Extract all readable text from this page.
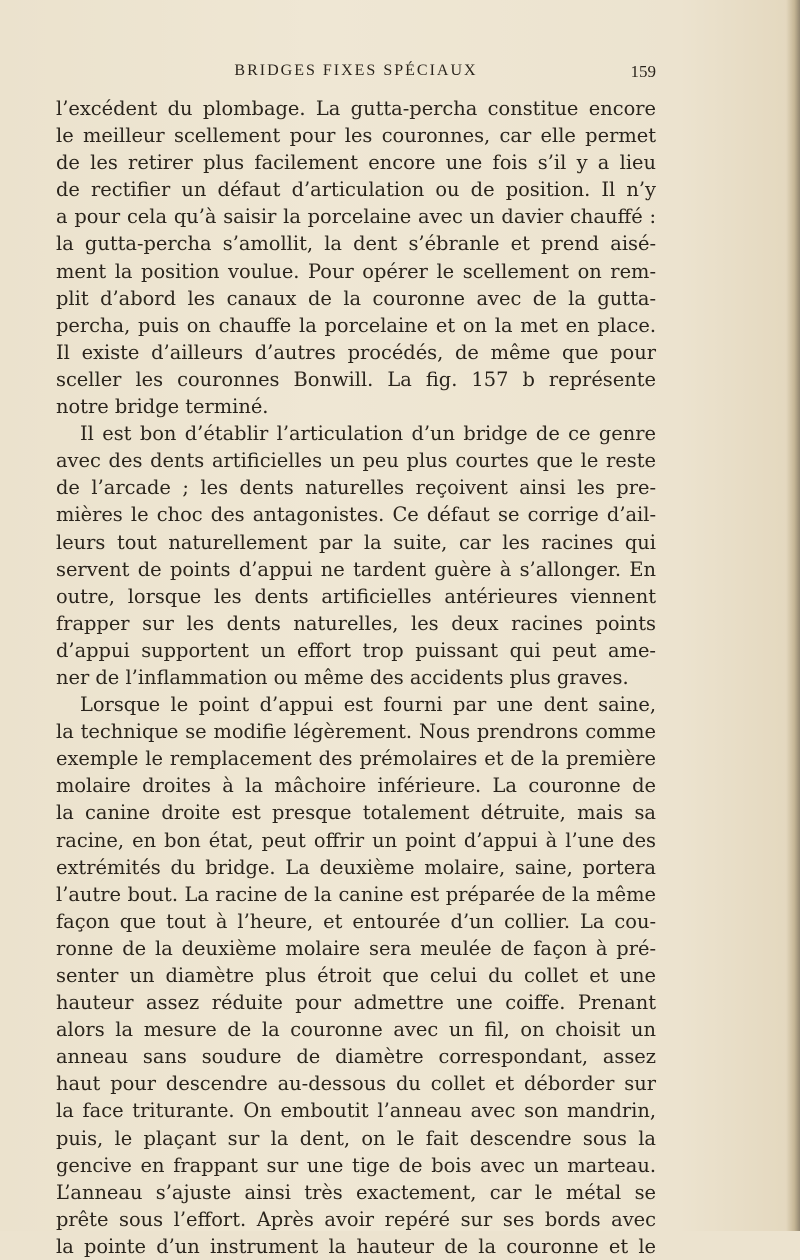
BRIDGES FIXES SPÉCIAUX	159
l’excédent du plombage. La gutta-percha constitue encore
le meilleur scellement pour les couronnes, car elle permet
de les retirer plus facilement encore une fois s’il y a lieu
de rectifier un défaut d’articulation ou de position. Il n’y
a pour cela qu’à saisir la porcelaine avec un davier chauffé :
la gutta-percha s’amollit, la dent s’ébranle et prend aisé-
ment la position voulue. Pour opérer le scellement on rem-
plit d’abord les canaux de la couronne avec de la gutta-
percha, puis on chauffe la porcelaine et on la met en place.
Il existe d’ailleurs d’autres procédés, de même que pour
sceller les couronnes Bonwill. La fig. 157 b représente
notre bridge terminé.
Il est bon d’établir l’articulation d’un bridge de ce genre
avec des dents artificielles un peu plus courtes que le reste
de l’arcade ; les dents naturelles reçoivent ainsi les pre-
mières le choc des antagonistes. Ce défaut se corrige d’ail-
leurs tout naturellement par la suite, car les racines qui
servent de points d’appui ne tardent guère à s’allonger. En
outre, lorsque les dents artificielles antérieures viennent
frapper sur les dents naturelles, les deux racines points
d’appui supportent un effort trop puissant qui peut ame-
ner de l’inflammation ou même des accidents plus graves.
Lorsque le point d’appui est fourni par une dent saine,
la technique se modifie légèrement. Nous prendrons comme
exemple le remplacement des prémolaires et de la première
molaire droites à la mâchoire inférieure. La couronne de
la canine droite est presque totalement détruite, mais sa
racine, en bon état, peut offrir un point d’appui à l’une des
extrémités du bridge. La deuxième molaire, saine, portera
l’autre bout. La racine de la canine est préparée de la même
façon que tout à l’heure, et entourée d’un collier. La cou-
ronne de la deuxième molaire sera meulée de façon à pré-
senter un diamètre plus étroit que celui du collet et une
hauteur assez réduite pour admettre une coiffe. Prenant
alors la mesure de la couronne avec un fil, on choisit un
anneau sans soudure de diamètre correspondant, assez
haut pour descendre au-dessous du collet et déborder sur
la face triturante. On emboutit l’anneau avec son mandrin,
puis, le plaçant sur la dent, on le fait descendre sous la
gencive en frappant sur une tige de bois avec un marteau.
L’anneau s’ajuste ainsi très exactement, car le métal se
prête sous l’effort. Après avoir repéré sur ses bords avec
la pointe d’un instrument la hauteur de la couronne et le
